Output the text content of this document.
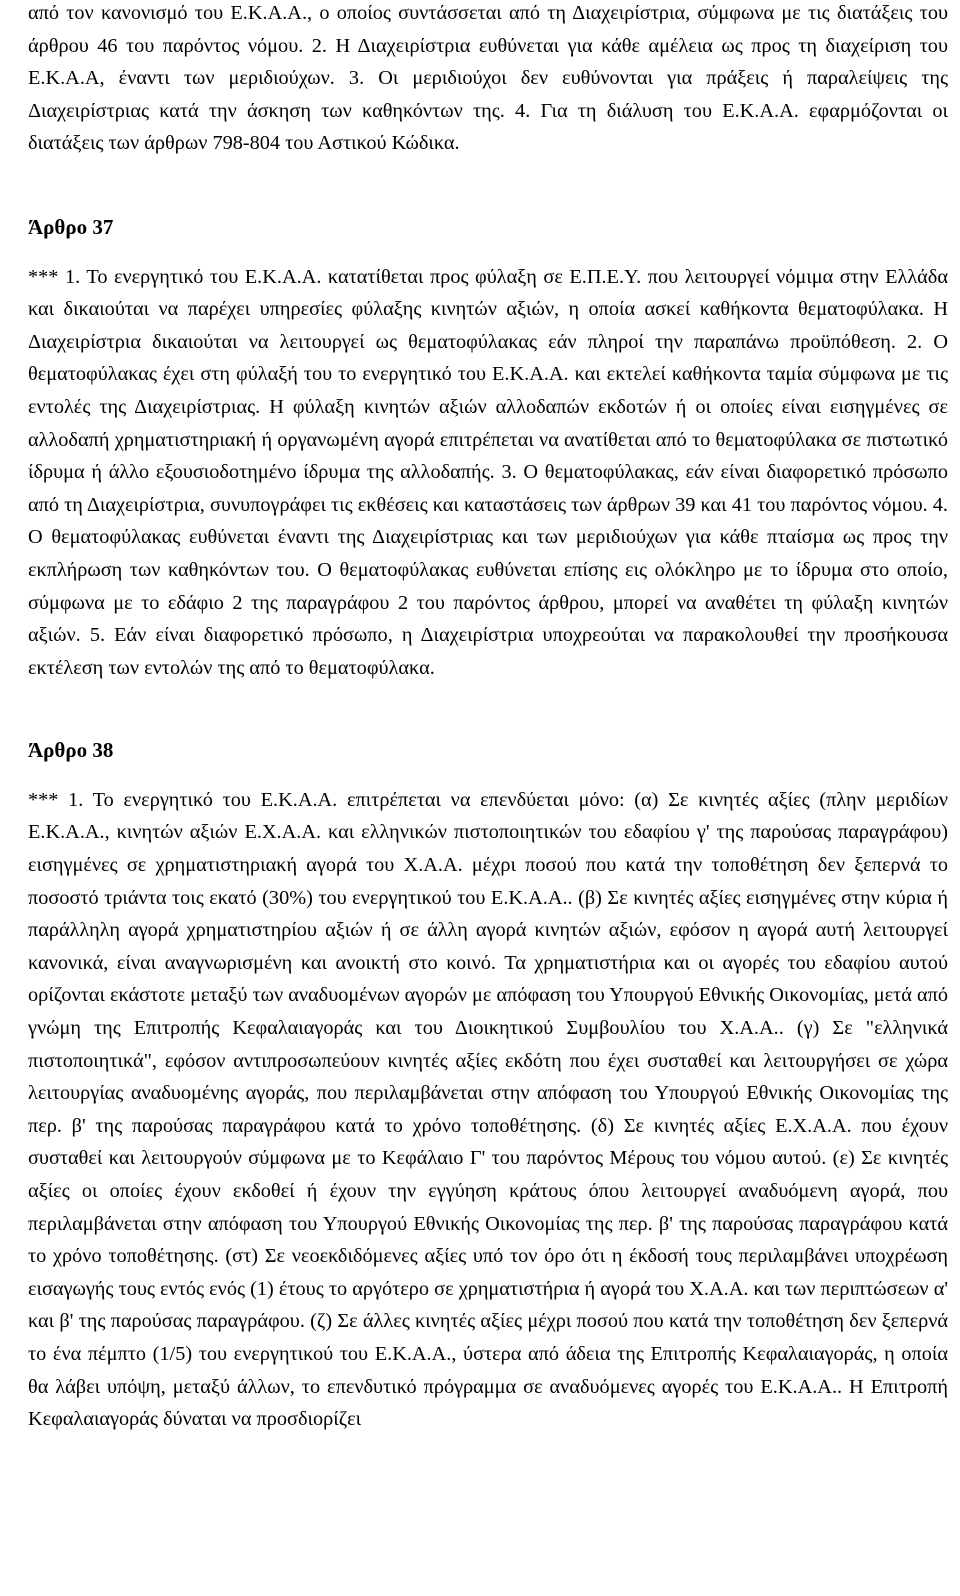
από τον κανονισμό του Ε.Κ.Α.Α., ο οποίος συντάσσεται από τη Διαχειρίστρια, σύμφωνα με τις διατάξεις του άρθρου 46 του παρόντος νόμου. 2. Η Διαχειρίστρια ευθύνεται για κάθε αμέλεια ως προς τη διαχείριση του Ε.Κ.Α.Α, έναντι των μεριδιούχων. 3. Οι μεριδιούχοι δεν ευθύνονται για πράξεις ή παραλείψεις της Διαχειρίστριας κατά την άσκηση των καθηκόντων της. 4. Για τη διάλυση του Ε.Κ.Α.Α. εφαρμόζονται οι διατάξεις των άρθρων 798-804 του Αστικού Κώδικα.

Άρθρο 37

*** 1. Το ενεργητικό του Ε.Κ.Α.Α. κατατίθεται προς φύλαξη σε Ε.Π.Ε.Υ. που λειτουργεί νόμιμα στην Ελλάδα και δικαιούται να παρέχει υπηρεσίες φύλαξης κινητών αξιών, η οποία ασκεί καθήκοντα θεματοφύλακα. Η Διαχειρίστρια δικαιούται να λειτουργεί ως θεματοφύλακας εάν πληροί την παραπάνω προϋπόθεση. 2. Ο θεματοφύλακας έχει στη φύλαξή του το ενεργητικό του Ε.Κ.Α.Α. και εκτελεί καθήκοντα ταμία σύμφωνα με τις εντολές της Διαχειρίστριας. Η φύλαξη κινητών αξιών αλλοδαπών εκδοτών ή οι οποίες είναι εισηγμένες σε αλλοδαπή χρηματιστηριακή ή οργανωμένη αγορά επιτρέπεται να ανατίθεται από το θεματοφύλακα σε πιστωτικό ίδρυμα ή άλλο εξουσιοδοτημένο ίδρυμα της αλλοδαπής. 3. Ο θεματοφύλακας, εάν είναι διαφορετικό πρόσωπο από τη Διαχειρίστρια, συνυπογράφει τις εκθέσεις και καταστάσεις των άρθρων 39 και 41 του παρόντος νόμου. 4. Ο θεματοφύλακας ευθύνεται έναντι της Διαχειρίστριας και των μεριδιούχων για κάθε πταίσμα ως προς την εκπλήρωση των καθηκόντων του. Ο θεματοφύλακας ευθύνεται επίσης εις ολόκληρο με το ίδρυμα στο οποίο, σύμφωνα με το εδάφιο 2 της παραγράφου 2 του παρόντος άρθρου, μπορεί να αναθέτει τη φύλαξη κινητών αξιών. 5. Εάν είναι διαφορετικό πρόσωπο, η Διαχειρίστρια υποχρεούται να παρακολουθεί την προσήκουσα εκτέλεση των εντολών της από το θεματοφύλακα.

Άρθρο 38

*** 1. Το ενεργητικό του Ε.Κ.Α.Α. επιτρέπεται να επενδύεται μόνο: (α) Σε κινητές αξίες (πλην μεριδίων Ε.Κ.Α.Α., κινητών αξιών Ε.Χ.Α.Α. και ελληνικών πιστοποιητικών του εδαφίου γ' της παρούσας παραγράφου) εισηγμένες σε χρηματιστηριακή αγορά του Χ.Α.Α. μέχρι ποσού που κατά την τοποθέτηση δεν ξεπερνά το ποσοστό τριάντα τοις εκατό (30%) του ενεργητικού του Ε.Κ.Α.Α.. (β) Σε κινητές αξίες εισηγμένες στην κύρια ή παράλληλη αγορά χρηματιστηρίου αξιών ή σε άλλη αγορά κινητών αξιών, εφόσον η αγορά αυτή λειτουργεί κανονικά, είναι αναγνωρισμένη και ανοικτή στο κοινό. Τα χρηματιστήρια και οι αγορές του εδαφίου αυτού ορίζονται εκάστοτε μεταξύ των αναδυομένων αγορών με απόφαση του Υπουργού Εθνικής Οικονομίας, μετά από γνώμη της Επιτροπής Κεφαλαιαγοράς και του Διοικητικού Συμβουλίου του Χ.Α.Α.. (γ) Σε "ελληνικά πιστοποιητικά", εφόσον αντιπροσωπεύουν κινητές αξίες εκδότη που έχει συσταθεί και λειτουργήσει σε χώρα λειτουργίας αναδυομένης αγοράς, που περιλαμβάνεται στην απόφαση του Υπουργού Εθνικής Οικονομίας της περ. β' της παρούσας παραγράφου κατά το χρόνο τοποθέτησης. (δ) Σε κινητές αξίες Ε.Χ.Α.Α. που έχουν συσταθεί και λειτουργούν σύμφωνα με το Κεφάλαιο Γ' του παρόντος Μέρους του νόμου αυτού. (ε) Σε κινητές αξίες οι οποίες έχουν εκδοθεί ή έχουν την εγγύηση κράτους όπου λειτουργεί αναδυόμενη αγορά, που περιλαμβάνεται στην απόφαση του Υπουργού Εθνικής Οικονομίας της περ. β' της παρούσας παραγράφου κατά το χρόνο τοποθέτησης. (στ) Σε νεοεκδιδόμενες αξίες υπό τον όρο ότι η έκδοσή τους περιλαμβάνει υποχρέωση εισαγωγής τους εντός ενός (1) έτους το αργότερο σε χρηματιστήρια ή αγορά του Χ.Α.Α. και των περιπτώσεων α' και β' της παρούσας παραγράφου. (ζ) Σε άλλες κινητές αξίες μέχρι ποσού που κατά την τοποθέτηση δεν ξεπερνά το ένα πέμπτο (1/5) του ενεργητικού του Ε.Κ.Α.Α., ύστερα από άδεια της Επιτροπής Κεφαλαιαγοράς, η οποία θα λάβει υπόψη, μεταξύ άλλων, το επενδυτικό πρόγραμμα σε αναδυόμενες αγορές του Ε.Κ.Α.Α.. Η Επιτροπή Κεφαλαιαγοράς δύναται να προσδιορίζει
